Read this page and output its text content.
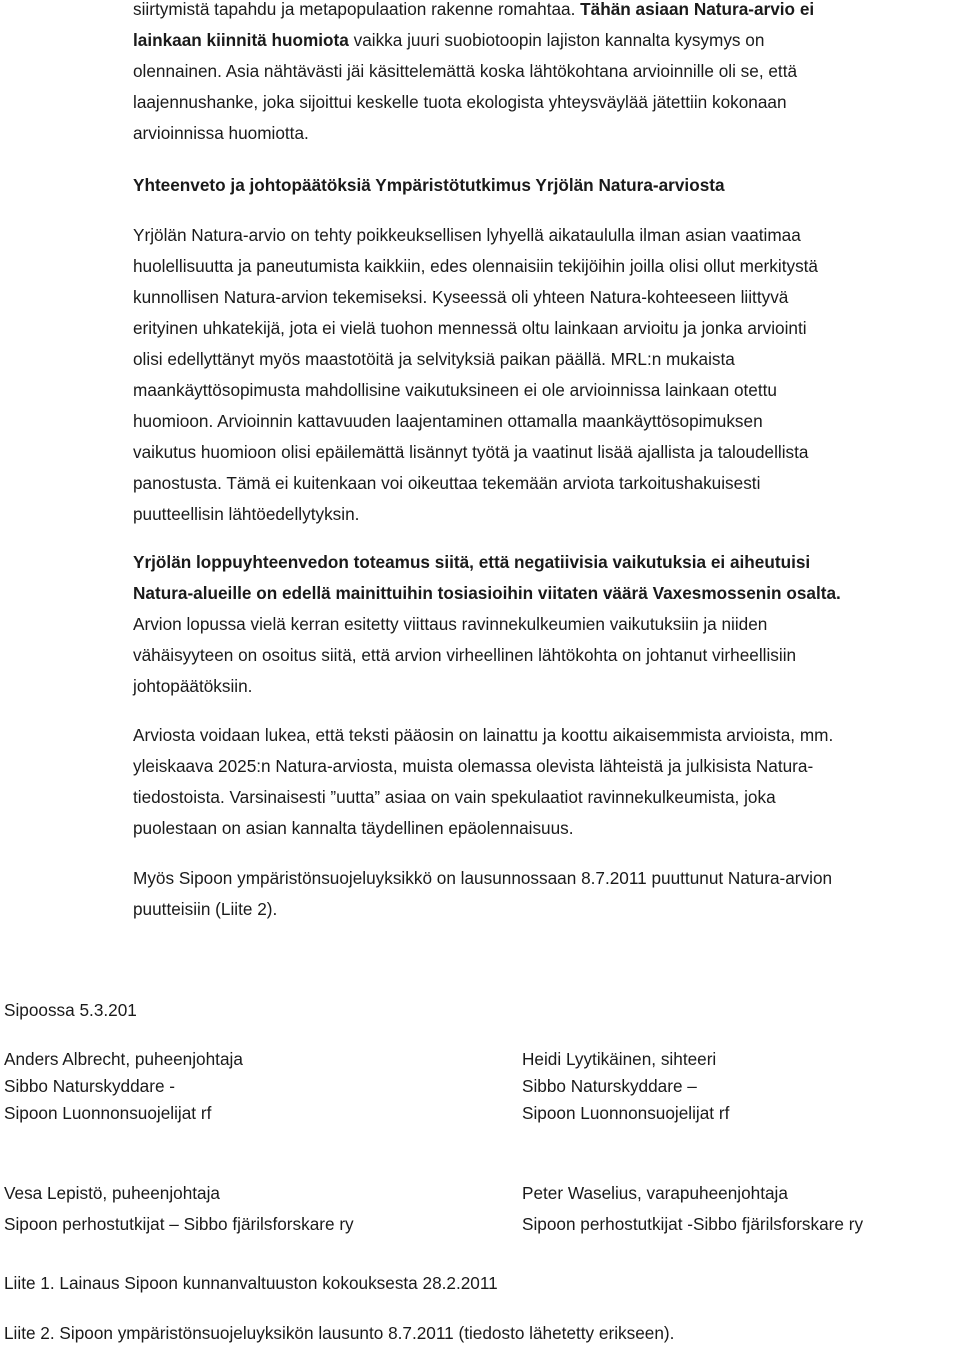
siirtymistä tapahdu ja metapopulaation rakenne romahtaa. Tähän asiaan Natura-arvio ei
lainkaan kiinnitä huomiota vaikka juuri suobiotoopin lajiston kannalta kysymys on
olennainen. Asia nähtävästi jäi käsittelemättä koska lähtökohtana arvioinnille oli se, että
laajennushanke, joka sijoittui keskelle tuota ekologista yhteysväylää jätettiin kokonaan
arvioinnissa huomiotta.
Yhteenveto ja johtopäätöksiä Ympäristötutkimus Yrjölän Natura-arviosta
Yrjölän Natura-arvio on tehty poikkeuksellisen lyhyellä aikataululla ilman asian vaatimaa
huolellisuutta ja paneutumista kaikkiin, edes olennaisiin tekijöihin joilla olisi ollut merkitystä
kunnollisen Natura-arvion tekemiseksi. Kyseessä oli yhteen Natura-kohteeseen liittyvä
erityinen uhkatekijä, jota ei vielä tuohon mennessä oltu lainkaan arvioitu ja jonka arviointi
olisi edellyttänyt myös maastotöitä ja selvityksiä paikan päällä. MRL:n mukaista
maankäyttösopimusta mahdollisine vaikutuksineen ei ole arvioinnissa lainkaan otettu
huomioon. Arvioinnin kattavuuden laajentaminen ottamalla maankäyttösopimuksen
vaikutus huomioon olisi epäilemättä lisännyt työtä ja vaatinut lisää ajallista ja taloudellista
panostusta. Tämä ei kuitenkaan voi oikeuttaa tekemään arviota tarkoitushakuisesti
puutteellisin lähtöedellytyksin.
Yrjölän loppuyhteenvedon toteamus siitä, että negatiivisia vaikutuksia ei aiheutuisi
Natura-alueille on edellä mainittuihin tosiasioihin viitaten väärä Vaxesmossenin osalta.
Arvion lopussa vielä kerran esitetty viittaus ravinnekulkeumien vaikutuksiin ja niiden
vähäisyyteen on osoitus siitä, että arvion virheellinen lähtökohta on johtanut virheellisiin
johtopäätöksiin.
Arviosta voidaan lukea, että teksti pääosin on lainattu ja koottu aikaisemmista arvioista, mm.
yleiskaava 2025:n Natura-arviosta, muista olemassa olevista lähteistä ja julkisista Natura-
tiedostoista. Varsinaisesti ”uutta” asiaa on vain spekulaatiot ravinnekulkeumista, joka
puolestaan on asian kannalta täydellinen epäolennaisuus.
Myös Sipoon ympäristönsuojeluyksikkö on lausunnossaan 8.7.2011 puuttunut Natura-arvion
puutteisiin (Liite 2).
Sipoossa 5.3.201
Anders Albrecht, puheenjohtaja
Sibbo Naturskyddare -
Sipoon Luonnonsuojelijat rf
Heidi Lyytikäinen, sihteeri
Sibbo Naturskyddare –
Sipoon Luonnonsuojelijat rf
Vesa Lepistö, puheenjohtaja
Sipoon perhostutkijat – Sibbo fjärilsforskare ry
Peter Waselius, varapuheenjohtaja
Sipoon perhostutkijat -Sibbo fjärilsforskare ry
Liite 1. Lainaus Sipoon kunnanvaltuuston kokouksesta 28.2.2011
Liite 2. Sipoon ympäristönsuojeluyksikön lausunto 8.7.2011 (tiedosto lähetetty erikseen).
